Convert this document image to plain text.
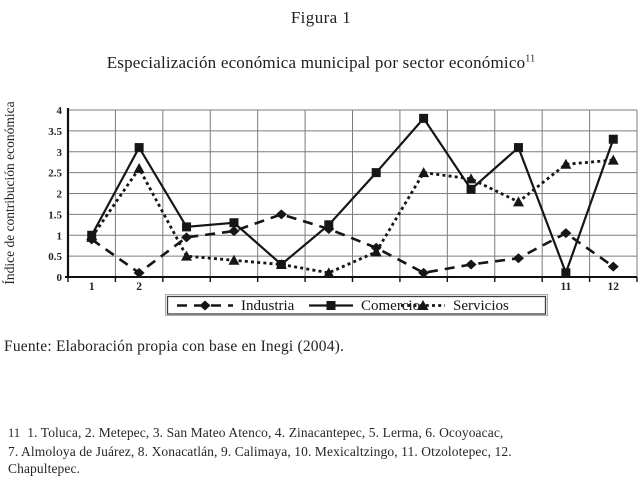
Figura 1
Especialización económica municipal por sector económico$^{11}$
Índice de contribución económica	0
0.5
1
1.5
2
2.5
3
3.5
4
1	2	11	12
Industria	Comercio Servicios
Fuente: Elaboración propia con base en Inegi (2004).
11 1. Toluca, 2. Metepec, 3. San Mateo Atenco, 4. Zinacantepec, 5. Lerma, 6. Ocoyoacac,
7. Almoloya de Juárez, 8. Xonacatlán, 9. Calimaya, 10. Mexicaltzingo, 11. Otzolotepec, 12.
Chapultepec.
